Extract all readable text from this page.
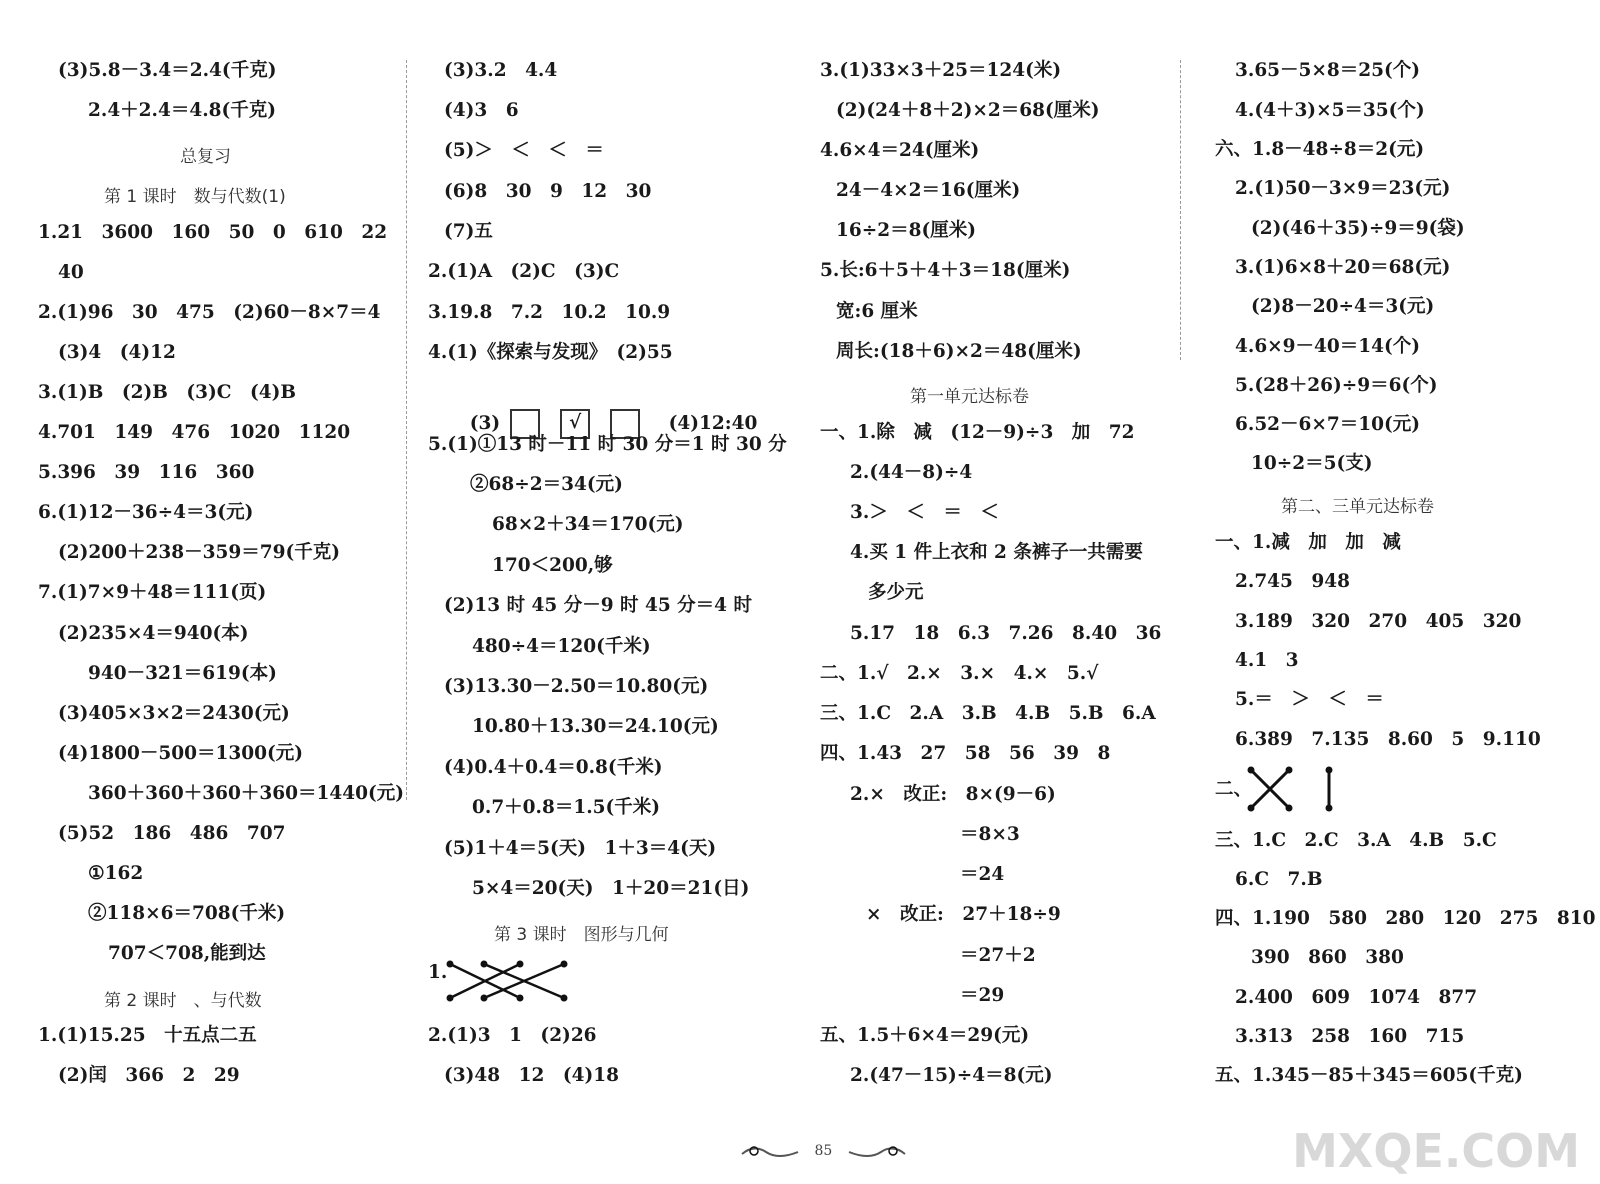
(3)5.8－3.4＝2.4(千克)
2.4＋2.4＝4.8(千克)
总复习
第 1 课时　数与代数(1)
1.21　3600　160　50　0　610　22
40
2.(1)96　30　475　(2)60－8×7＝4
(3)4　(4)12
3.(1)B　(2)B　(3)C　(4)B
4.701　149　476　1020　1120
5.396　39　116　360
6.(1)12－36÷4＝3(元)
(2)200＋238－359＝79(千克)
7.(1)7×9＋48＝111(页)
(2)235×4＝940(本)
940－321＝619(本)
(3)405×3×2＝2430(元)
(4)1800－500＝1300(元)
360＋360＋360＋360＝1440(元)
(5)52　186　486　707
①162
②118×6＝708(千米)
707＜708,能到达
第 2 课时　、与代数
1.(1)15.25　十五点二五
(2)闰　366　2　29
(3)3.2　4.4
(4)3　6
(5)＞　＜　＜　＝
(6)8　30　9　12　30
(7)五
2.(1)A　(2)C　(3)C
3.19.8　7.2　10.2　10.9
4.(1)《探索与发现》　(2)55

(3)	√　	(4)12:40

5.(1)①13 时－11 时 30 分＝1 时 30 分
②68÷2＝34(元)
68×2＋34＝170(元)
170＜200,够
(2)13 时 45 分－9 时 45 分＝4 时
480÷4＝120(千米)
(3)13.30－2.50＝10.80(元)
10.80＋13.30＝24.10(元)
(4)0.4＋0.4＝0.8(千米)
0.7＋0.8＝1.5(千米)
(5)1＋4＝5(天)　1＋3＝4(天)
5×4＝20(天)　1＋20＝21(日)
第 3 课时　图形与几何
1.
2.(1)3　1　(2)26
(3)48　12　(4)18
3.(1)33×3＋25＝124(米)
(2)(24＋8＋2)×2＝68(厘米)
4.6×4＝24(厘米)
24－4×2＝16(厘米)
16÷2＝8(厘米)
5.长:6＋5＋4＋3＝18(厘米)
宽:6 厘米
周长:(18＋6)×2＝48(厘米)
第一单元达标卷
一、1.除　减　(12－9)÷3　加　72
2.(44－8)÷4
3.＞　＜　＝　＜
4.买 1 件上衣和 2 条裤子一共需要
多少元
5.17　18　6.3　7.26　8.40　36
二、1.√　2.×　3.×　4.×　5.√
三、1.C　2.A　3.B　4.B　5.B　6.A
四、1.43　27　58　56　39　8
2.×　改正:　8×(9－6)
＝8×3
＝24
×　改正:　27＋18÷9
＝27＋2
＝29
五、1.5＋6×4＝29(元)
2.(47－15)÷4＝8(元)
3.65－5×8＝25(个)
4.(4＋3)×5＝35(个)
六、1.8－48÷8＝2(元)
2.(1)50－3×9＝23(元)
(2)(46＋35)÷9＝9(袋)
3.(1)6×8＋20＝68(元)
(2)8－20÷4＝3(元)
4.6×9－40＝14(个)
5.(28＋26)÷9＝6(个)
6.52－6×7＝10(元)
10÷2＝5(支)
第二、三单元达标卷
一、1.减　加　加　减
2.745　948
3.189　320　270　405　320
4.1　3
5.＝　＞　＜　＝
6.389　7.135　8.60　5　9.110
二、
三、1.C　2.C　3.A　4.B　5.C
6.C　7.B
四、1.190　580　280　120　275　810
390　860　380
2.400　609　1074　877
3.313　258　160　715
五、1.345－85＋345＝605(千克)
85	MXQE.COM
